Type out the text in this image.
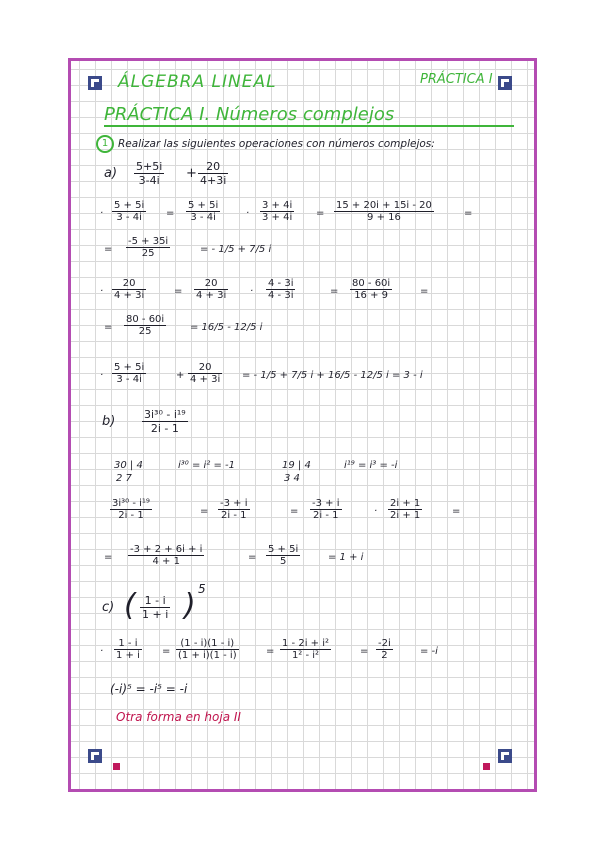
ÁLGEBRA LINEAL	PRÁCTICA I
PRÁCTICA I. Números complejos
1 Realizar las siguientes operaciones con números complejos:
$a) \frac{5+5i}{3-4i} + \frac{20}{4+3i}$
· $\frac{5 + 5i}{3 - 4i} = \frac{5 + 5i}{3 - 4i}$	· $\frac{3 + 4i}{3 + 4i} = \frac{15 + 20i + 15i - 20}{9 + 16}$	=
= $\frac{-5 + 35i}{25}$	= - 1/5 + 7/5 i
· $\frac{20}{4 + 3i}$	= $\frac{20}{4 + 3i} \cdot \frac{4 - 3i}{4 - 3i}$	= $\frac{80 - 60i}{16 + 9}$	=
= $\frac{80 - 60i}{25} = 16/5 - 12/5$ i
· $\frac{5 + 5i}{3 - 4i}$	+ $\frac{20}{4 + 3i}$ = - 1/5 + 7/5 i + 16/5 - 12/5 i = 3 - i
$b) \frac{\text{3i³⁰ - i¹⁹}}{2i - 1}$
30 | 4
2 7
i³⁰ = i² = -1	19 | 4
3 4
i¹⁹ = i³ = -i
$\frac{\text{3i³⁰ - i¹⁹}}{2i - 1}$	= $\frac{-3 + i}{2i - 1}$	= $\frac{-3 + i}{2i - 1}$	· $\frac{2i + 1}{2i + 1}$	=
= $\frac{-3 + 2 + 6i + i}{4 + 1}$	= $\frac{5 + 5i}{5}$	= 1 + i
c) ( $\frac{1 - i}{1 + i}$ ) 5
· $\frac{1 - i}{1 + i} = \frac{(1 - i)(1 - i)}{(1 + i)(1 - i)}$	= $\frac{\text{1 - 2i + i²}}{\text{1² - i²}}$	= $\frac{-2i}{2}$	= -i
(-i)⁵ = -i⁵ = -i
Otra forma en hoja II
